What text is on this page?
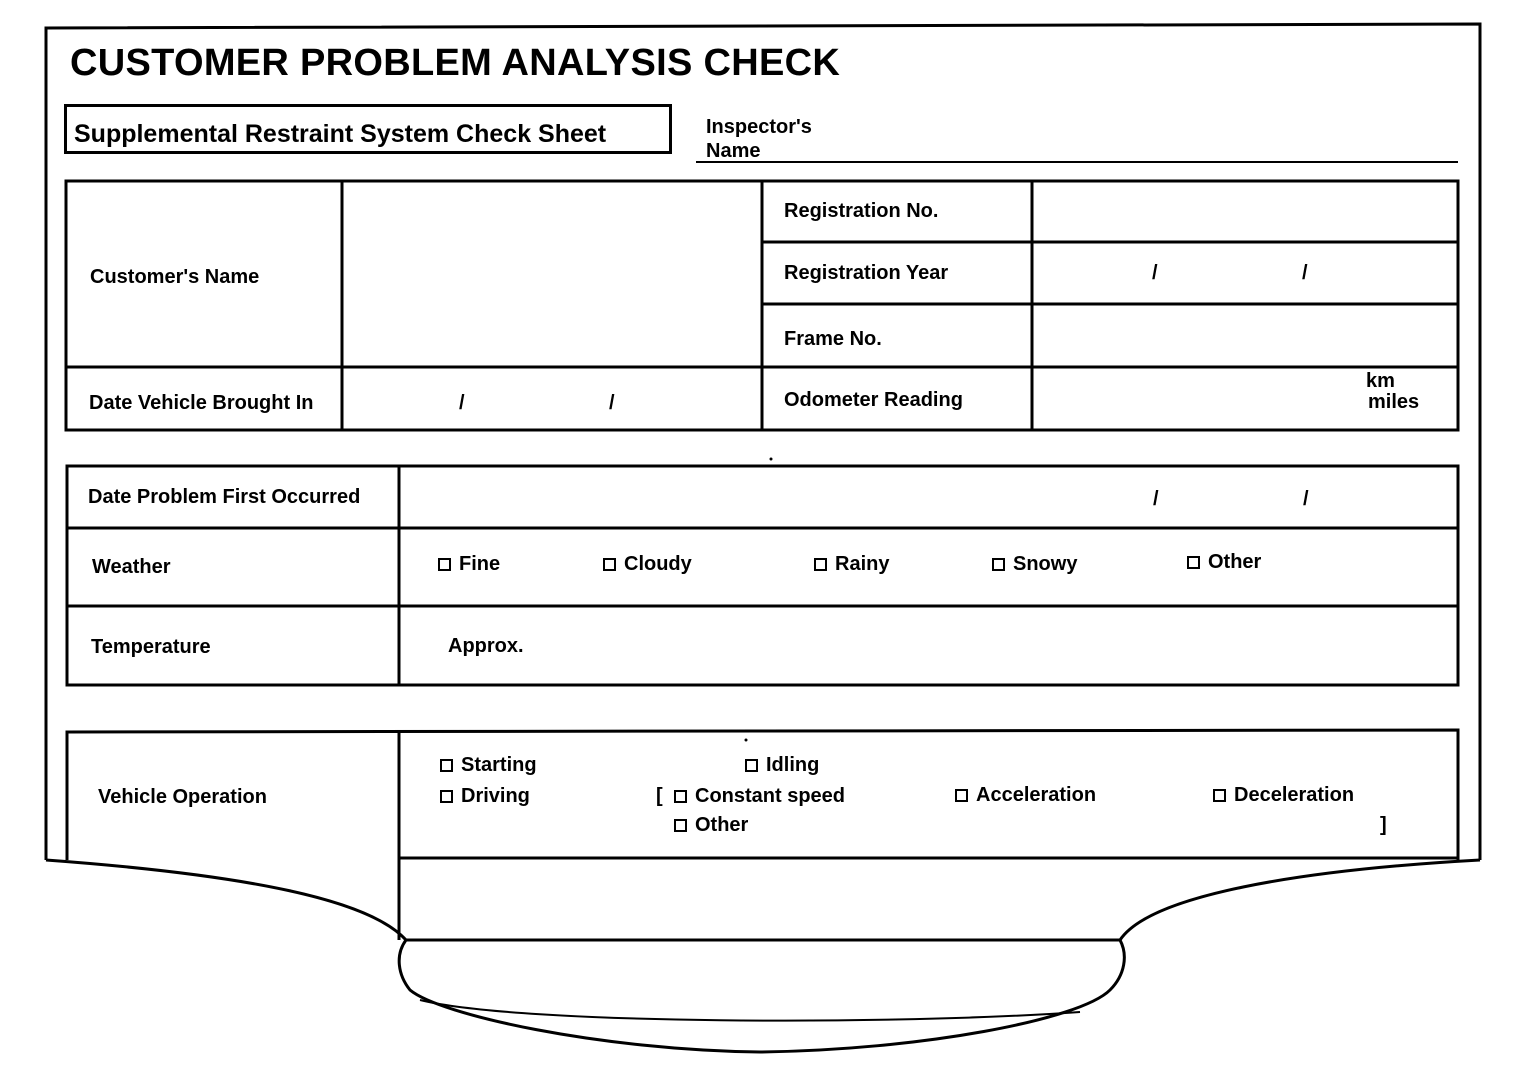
CUSTOMER PROBLEM ANALYSIS CHECK
Supplemental Restraint System Check Sheet	Inspector's
Name
Customer's Name
Registration No.
Registration Year	/	/
Frame No.
Date Vehicle Brought In	/	/	Odometer Reading
km
miles
Date Problem First Occurred	/	/
Weather	Fine	Cloudy	Rainy	Snowy	Other
Temperature	Approx.
Vehicle Operation
Starting	Idling
Driving	[	Constant speed	Acceleration	Deceleration
Other	]
